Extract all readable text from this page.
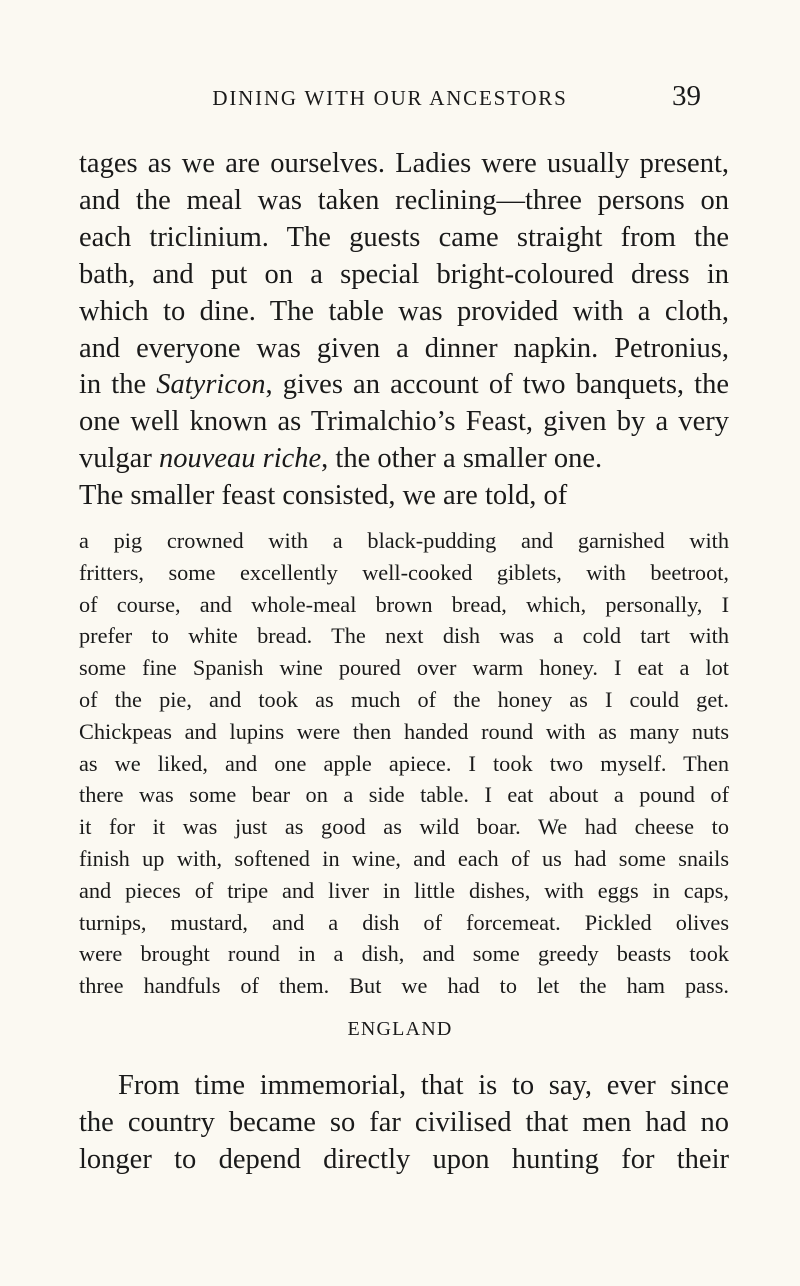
DINING WITH OUR ANCESTORS	39
tages as we are ourselves. Ladies were usually present,
and the meal was taken reclining—three persons on
each triclinium. The guests came straight from the
bath, and put on a special bright-coloured dress in
which to dine. The table was provided with a cloth,
and everyone was given a dinner napkin. Petronius,
in the Satyricon, gives an account of two banquets, the
one well known as Trimalchio’s Feast, given by a very
vulgar nouveau riche, the other a smaller one.
The smaller feast consisted, we are told, of
a pig crowned with a black-pudding and garnished with
fritters, some excellently well-cooked giblets, with beetroot,
of course, and whole-meal brown bread, which, personally, I
prefer to white bread. The next dish was a cold tart with
some fine Spanish wine poured over warm honey. I eat a lot
of the pie, and took as much of the honey as I could get.
Chickpeas and lupins were then handed round with as many nuts
as we liked, and one apple apiece. I took two myself. Then
there was some bear on a side table. I eat about a pound of
it for it was just as good as wild boar. We had cheese to
finish up with, softened in wine, and each of us had some snails
and pieces of tripe and liver in little dishes, with eggs in caps,
turnips, mustard, and a dish of forcemeat. Pickled olives
were brought round in a dish, and some greedy beasts took
three handfuls of them. But we had to let the ham pass.
ENGLAND
From time immemorial, that is to say, ever since
the country became so far civilised that men had no
longer to depend directly upon hunting for their
